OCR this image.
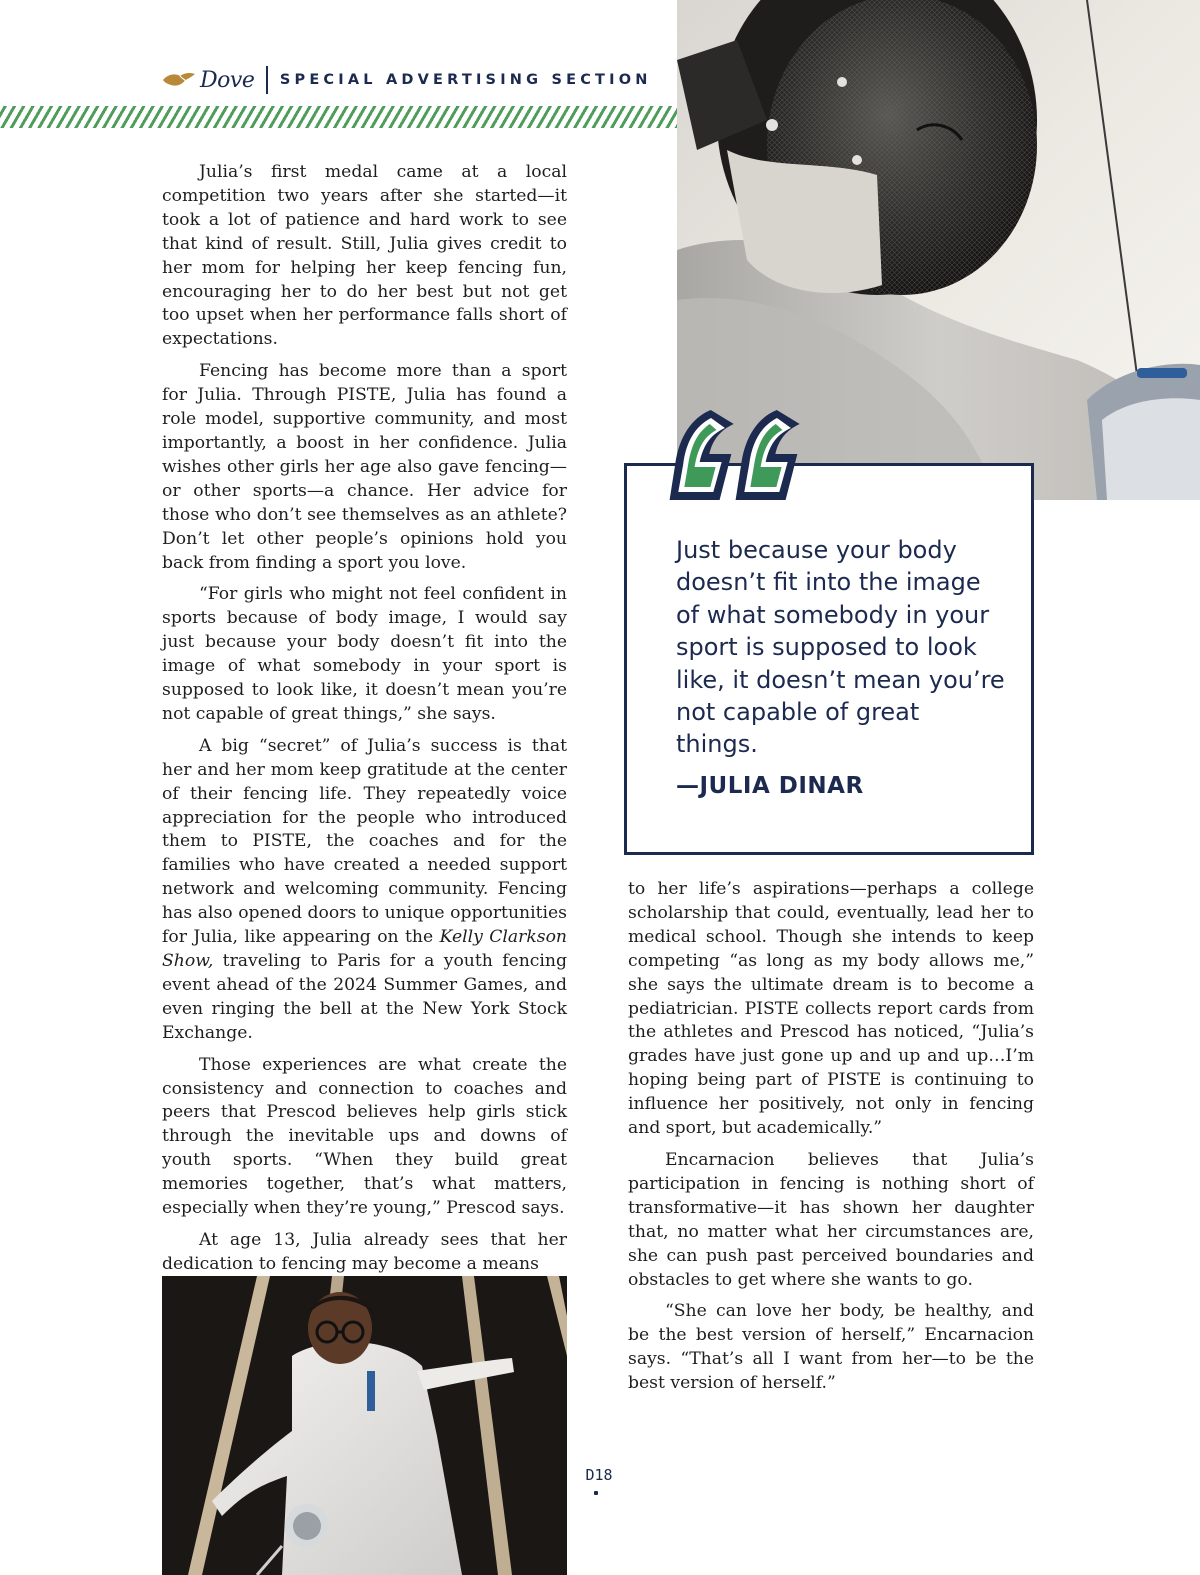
Dove SPECIAL ADVERTISING SECTION

Julia’s first medal came at a local competition two years after she started—it took a lot of patience and hard work to see that kind of result. Still, Julia gives credit to her mom for helping her keep fencing fun, encouraging her to do her best but not get too upset when her performance falls short of expectations.

Fencing has become more than a sport for Julia. Through PISTE, Julia has found a role model, supportive community, and most importantly, a boost in her confidence. Julia wishes other girls her age also gave fencing—or other sports—a chance. Her advice for those who don’t see themselves as an athlete? Don’t let other people’s opinions hold you back from finding a sport you love.

“For girls who might not feel confident in sports because of body image, I would say just because your body doesn’t fit into the image of what somebody in your sport is supposed to look like, it doesn’t mean you’re not capable of great things,” she says.

A big “secret” of Julia’s success is that her and her mom keep gratitude at the center of their fencing life. They repeatedly voice appreciation for the people who introduced them to PISTE, the coaches and for the families who have created a needed support network and welcoming community. Fencing has also opened doors to unique opportunities for Julia, like appearing on the Kelly Clarkson Show, traveling to Paris for a youth fencing event ahead of the 2024 Summer Games, and even ringing the bell at the New York Stock Exchange.

Those experiences are what create the consistency and connection to coaches and peers that Prescod believes help girls stick through the inevitable ups and downs of youth sports. “When they build great memories together, that’s what matters, especially when they’re young,” Prescod says.

At age 13, Julia already sees that her dedication to fencing may become a means

Just because your body doesn’t fit into the image of what somebody in your sport is supposed to look like, it doesn’t mean you’re not capable of great things.
—JULIA DINAR

to her life’s aspirations—perhaps a college scholarship that could, eventually, lead her to medical school. Though she intends to keep competing “as long as my body allows me,” she says the ultimate dream is to become a pediatrician. PISTE collects report cards from the athletes and Prescod has noticed, “Julia’s grades have just gone up and up and up…I’m hoping being part of PISTE is continuing to influence her positively, not only in fencing and sport, but academically.”

Encarnacion believes that Julia’s participation in fencing is nothing short of transformative—it has shown her daughter that, no matter what her circumstances are, she can push past perceived boundaries and obstacles to get where she wants to go.

“She can love her body, be healthy, and be the best version of herself,” Encarnacion says. “That’s all I want from her—to be the best version of herself.”

D18
